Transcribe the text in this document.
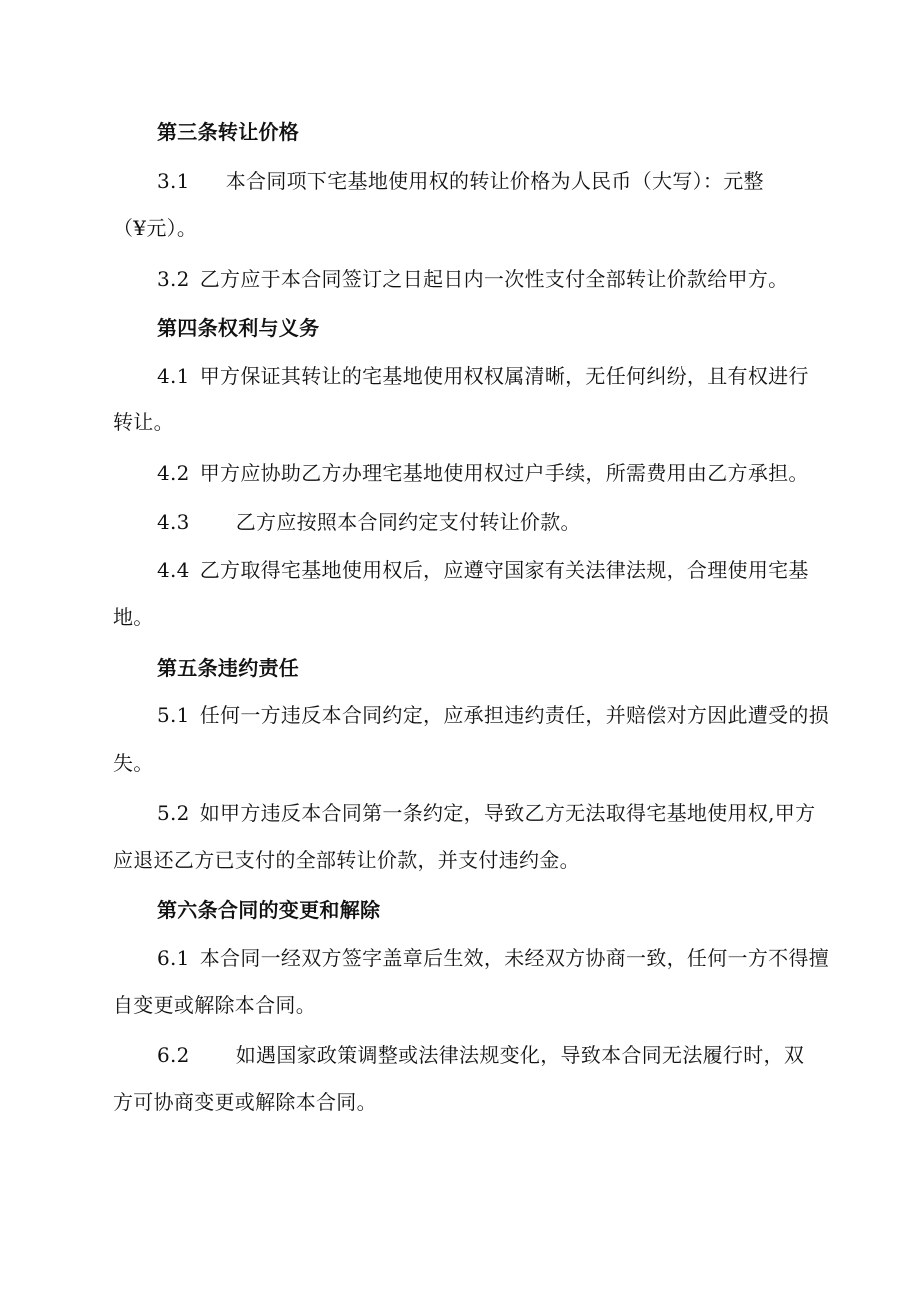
第三条转让价格
3.1 本合同项下宅基地使用权的转让价格为人民币（大写）：元整
（¥元）。
3.2 乙方应于本合同签订之日起日内一次性支付全部转让价款给甲方。
第四条权利与义务
4.1 甲方保证其转让的宅基地使用权权属清晰，无任何纠纷，且有权进行
转让。
4.2 甲方应协助乙方办理宅基地使用权过户手续，所需费用由乙方承担。
4.3 乙方应按照本合同约定支付转让价款。
4.4 乙方取得宅基地使用权后，应遵守国家有关法律法规，合理使用宅基
地。
第五条违约责任
5.1 任何一方违反本合同约定，应承担违约责任，并赔偿对方因此遭受的损
失。
5.2 如甲方违反本合同第一条约定，导致乙方无法取得宅基地使用权,甲方
应退还乙方已支付的全部转让价款，并支付违约金。
第六条合同的变更和解除
6.1 本合同一经双方签字盖章后生效，未经双方协商一致，任何一方不得擅
自变更或解除本合同。
6.2 如遇国家政策调整或法律法规变化，导致本合同无法履行时，双
方可协商变更或解除本合同。
